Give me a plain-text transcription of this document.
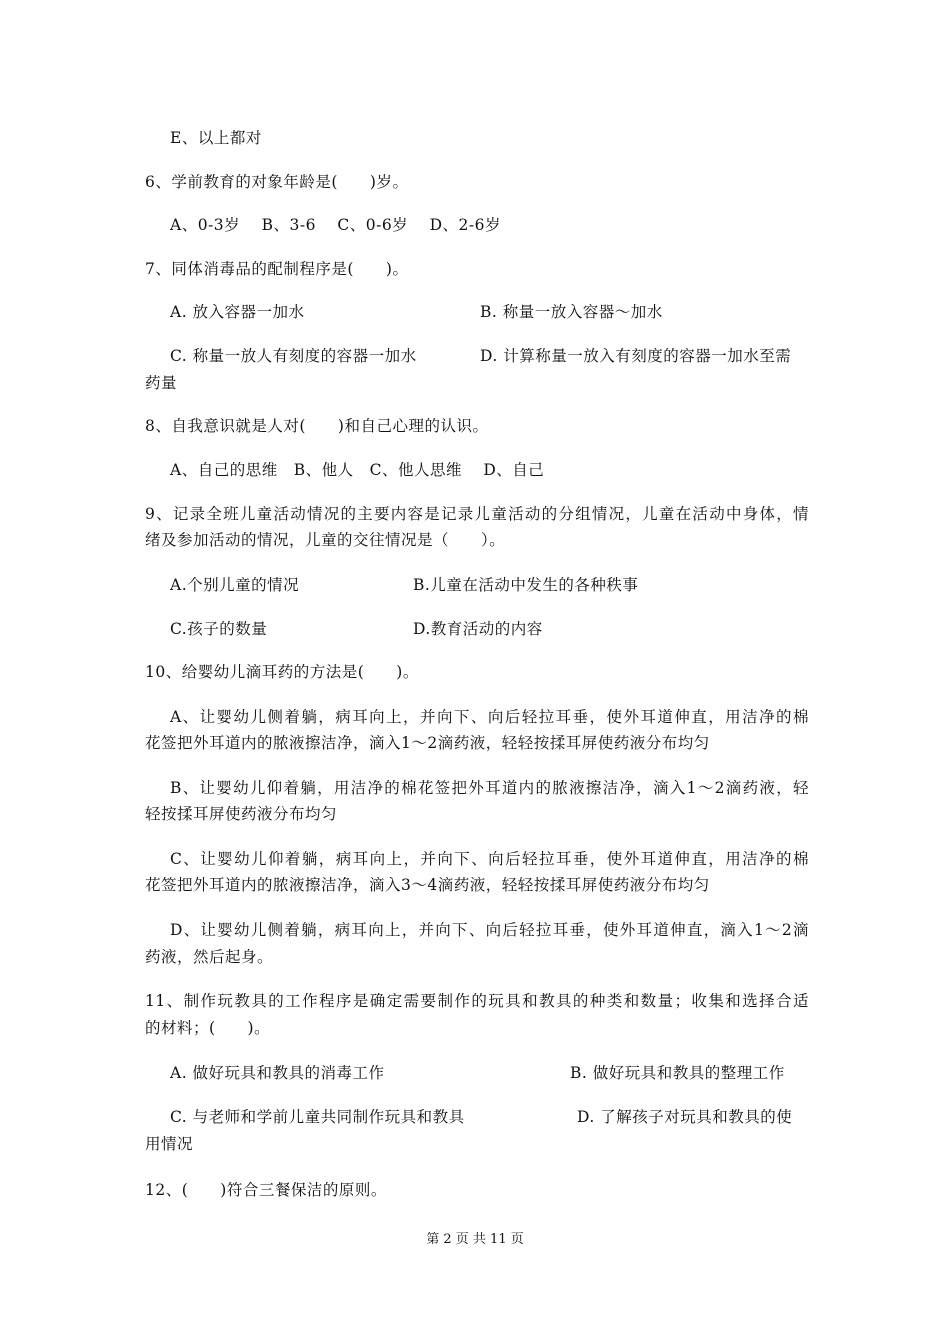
E、以上都对
6、学前教育的对象年龄是(　　)岁。
A、0-3岁　 B、3-6　 C、0-6岁　 D、2-6岁
7、同体消毒品的配制程序是(　　)。
A. 放入容器一加水	B. 称量一放入容器～加水
C. 称量一放人有刻度的容器一加水	D. 计算称量一放入有刻度的容器一加水至需
药量
8、自我意识就是人对(　　)和自己心理的认识。
A、自己的思维　B、他人　C、他人思维　 D、自己
9、记录全班儿童活动情况的主要内容是记录儿童活动的分组情况，儿童在活动中身体，情
绪及参加活动的情况，儿童的交往情况是（　　）。
A.个别儿童的情况	B.儿童在活动中发生的各种秩事
C.孩子的数量	D.教育活动的内容
10、给婴幼儿滴耳药的方法是(　　)。
A、让婴幼儿侧着躺，病耳向上，并向下、向后轻拉耳垂，使外耳道伸直，用洁净的棉
花签把外耳道内的脓液擦洁净，滴入1～2滴药液，轻轻按揉耳屏使药液分布均匀
B、让婴幼儿仰着躺，用洁净的棉花签把外耳道内的脓液擦洁净，滴入1～2滴药液，轻
轻按揉耳屏使药液分布均匀
C、让婴幼儿仰着躺，病耳向上，并向下、向后轻拉耳垂，使外耳道伸直，用洁净的棉
花签把外耳道内的脓液擦洁净，滴入3～4滴药液，轻轻按揉耳屏使药液分布均匀
D、让婴幼儿侧着躺，病耳向上，并向下、向后轻拉耳垂，使外耳道伸直，滴入1～2滴
药液，然后起身。
11、制作玩教具的工作程序是确定需要制作的玩具和教具的种类和数量；收集和选择合适
的材料；(　　)。
A. 做好玩具和教具的消毒工作	B. 做好玩具和教具的整理工作
C. 与老师和学前儿童共同制作玩具和教具	D. 了解孩子对玩具和教具的使
用情况
12、(　　)符合三餐保洁的原则。
第 2 页 共 11 页
